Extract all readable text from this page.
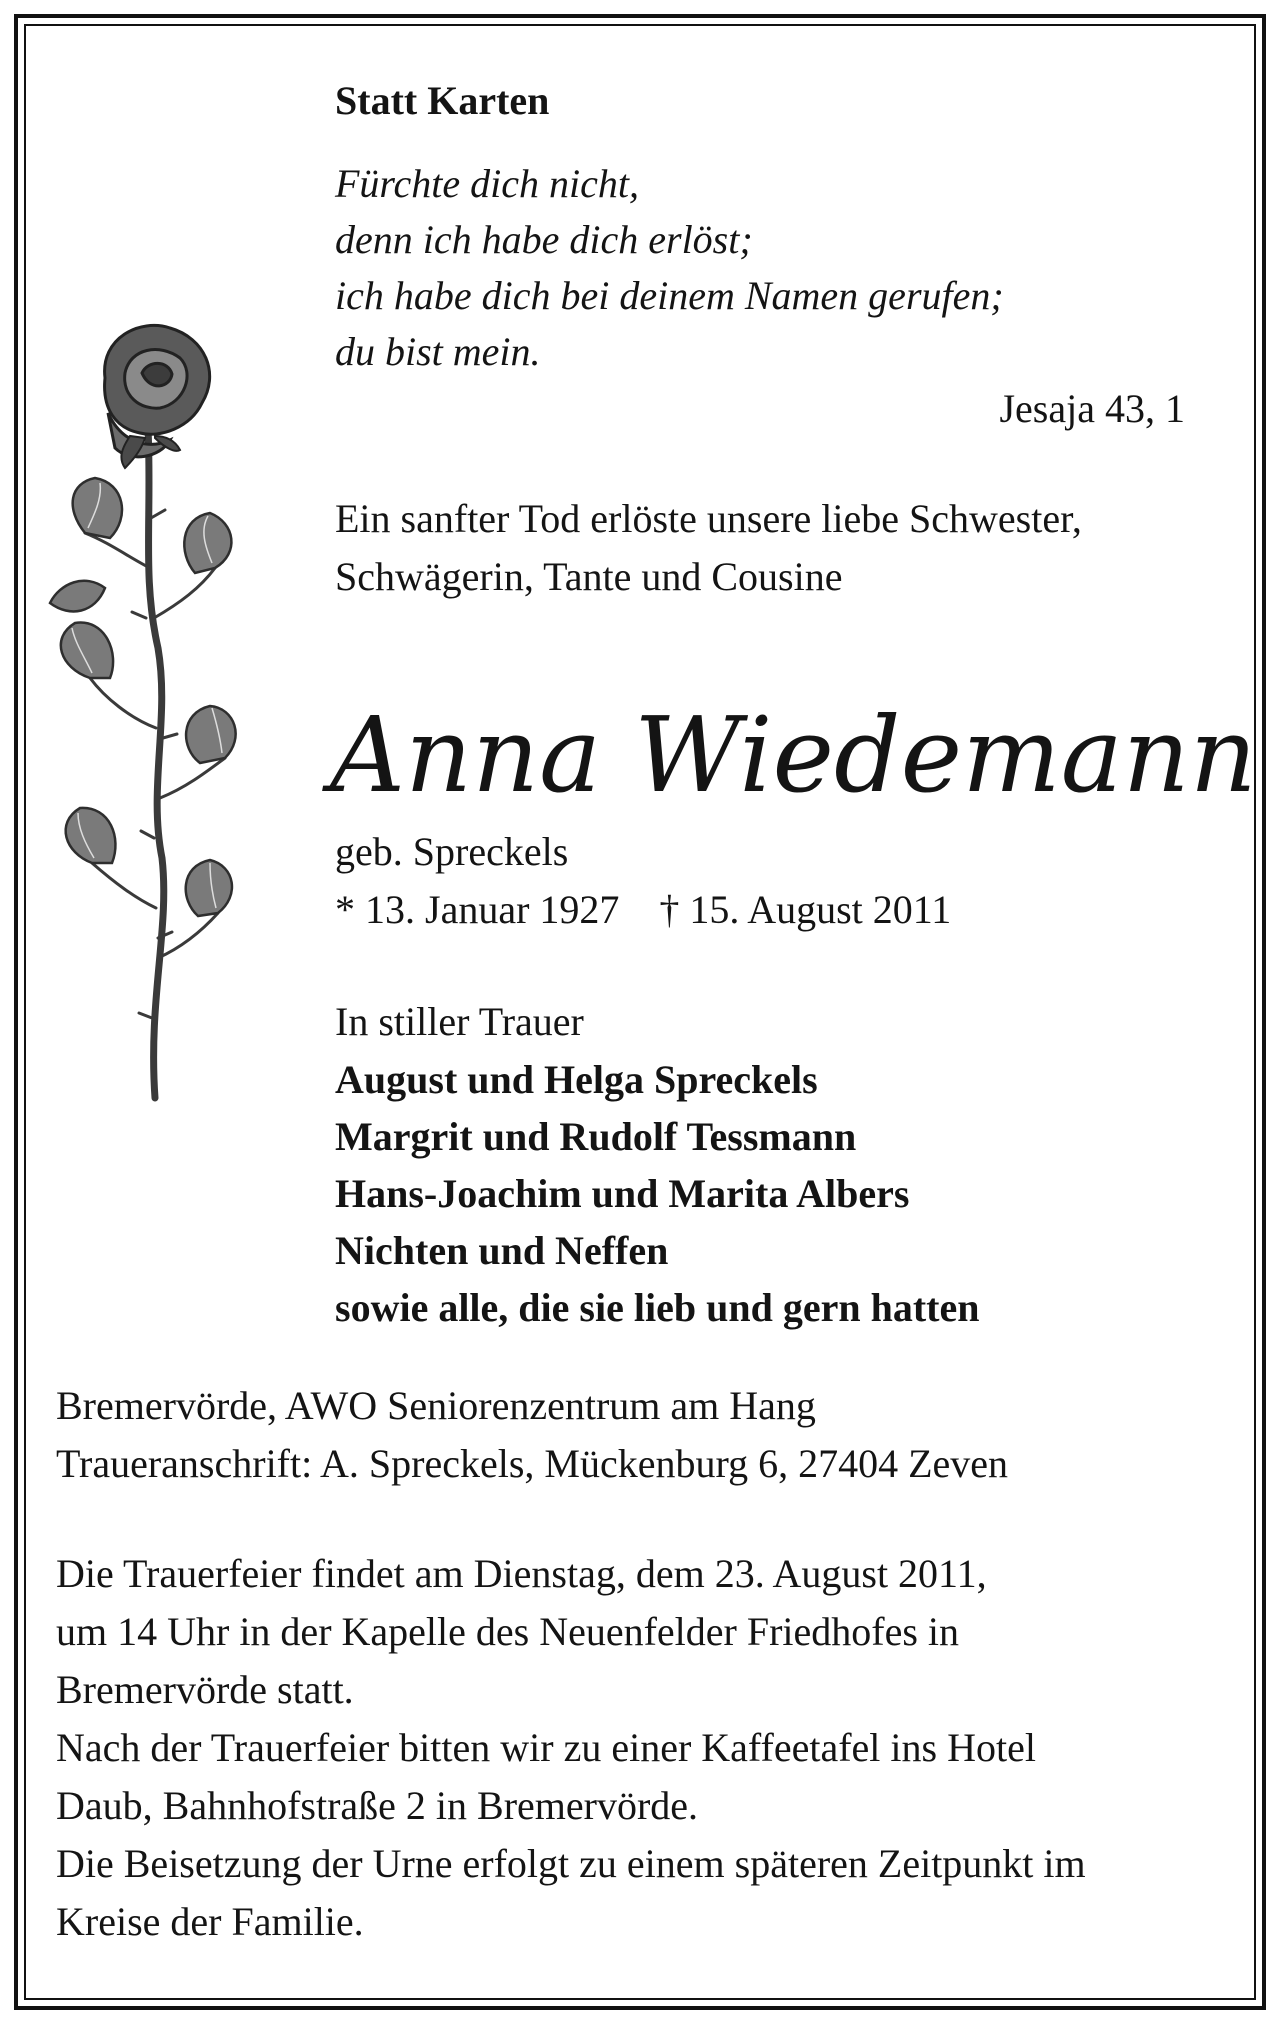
Statt Karten
Fürchte dich nicht,
denn ich habe dich erlöst;
ich habe dich bei deinem Namen gerufen;
du bist mein.
Jesaja 43, 1
Ein sanfter Tod erlöste unsere liebe Schwester,
Schwägerin, Tante und Cousine
Anna Wiedemann
geb. Spreckels
* 13. Januar 1927 † 15. August 2011
In stiller Trauer
August und Helga Spreckels
Margrit und Rudolf Tessmann
Hans-Joachim und Marita Albers
Nichten und Neffen
sowie alle, die sie lieb und gern hatten
Bremervörde, AWO Seniorenzentrum am Hang
Traueranschrift: A. Spreckels, Mückenburg 6, 27404 Zeven
Die Trauerfeier findet am Dienstag, dem 23. August 2011,
um 14 Uhr in der Kapelle des Neuenfelder Friedhofes in
Bremervörde statt.
Nach der Trauerfeier bitten wir zu einer Kaffeetafel ins Hotel
Daub, Bahnhofstraße 2 in Bremervörde.
Die Beisetzung der Urne erfolgt zu einem späteren Zeitpunkt im
Kreise der Familie.
